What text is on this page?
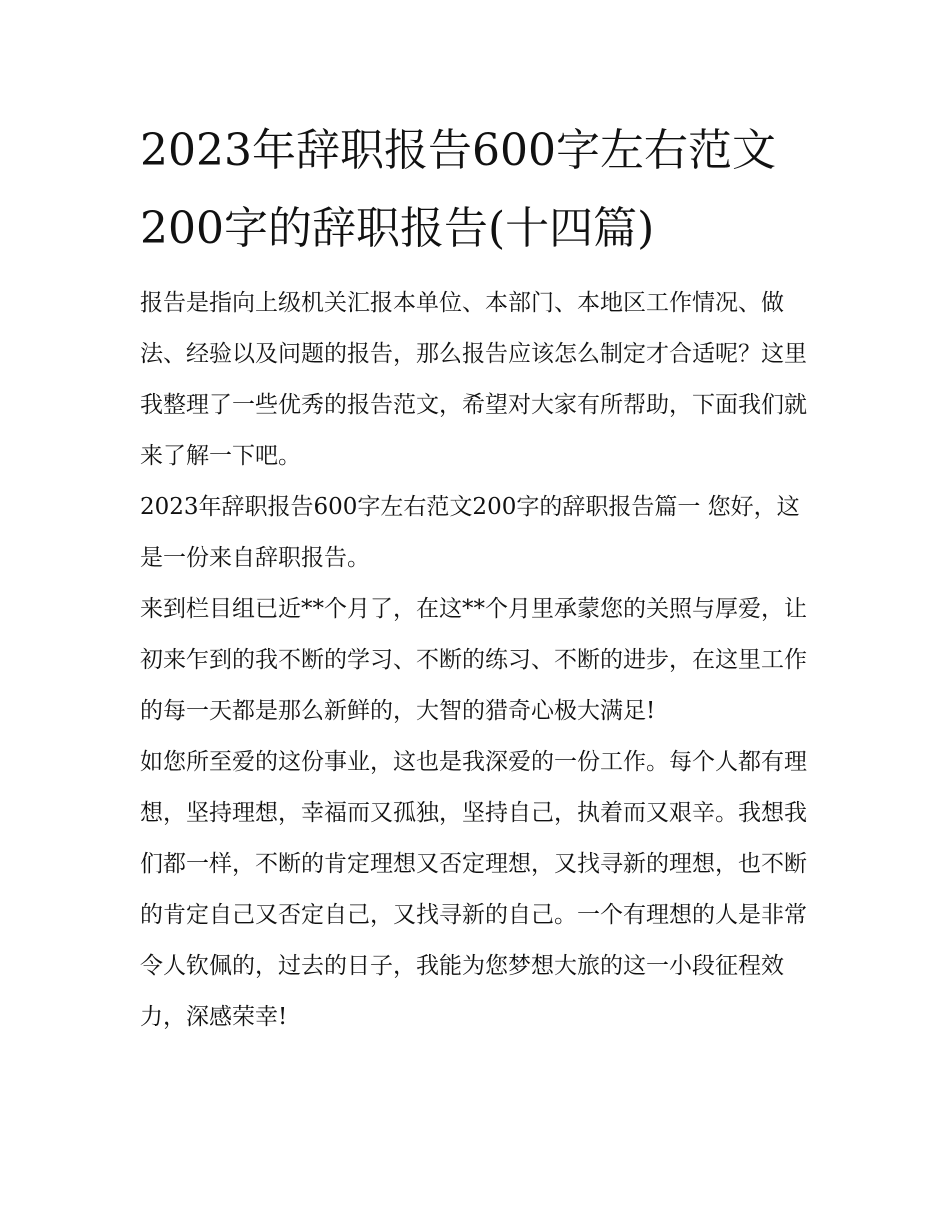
2023年辞职报告600字左右范文200字的辞职报告(十四篇)

报告是指向上级机关汇报本单位、本部门、本地区工作情况、做法、经验以及问题的报告，那么报告应该怎么制定才合适呢？这里我整理了一些优秀的报告范文，希望对大家有所帮助，下面我们就来了解一下吧。

2023年辞职报告600字左右范文200字的辞职报告篇一 您好，这是一份来自辞职报告。

来到栏目组已近**个月了，在这**个月里承蒙您的关照与厚爱，让初来乍到的我不断的学习、不断的练习、不断的进步，在这里工作的每一天都是那么新鲜的，大智的猎奇心极大满足!

如您所至爱的这份事业，这也是我深爱的一份工作。每个人都有理想，坚持理想，幸福而又孤独，坚持自己，执着而又艰辛。我想我们都一样，不断的肯定理想又否定理想，又找寻新的理想，也不断的肯定自己又否定自己，又找寻新的自己。一个有理想的人是非常令人钦佩的，过去的日子，我能为您梦想大旅的这一小段征程效力，深感荣幸!
